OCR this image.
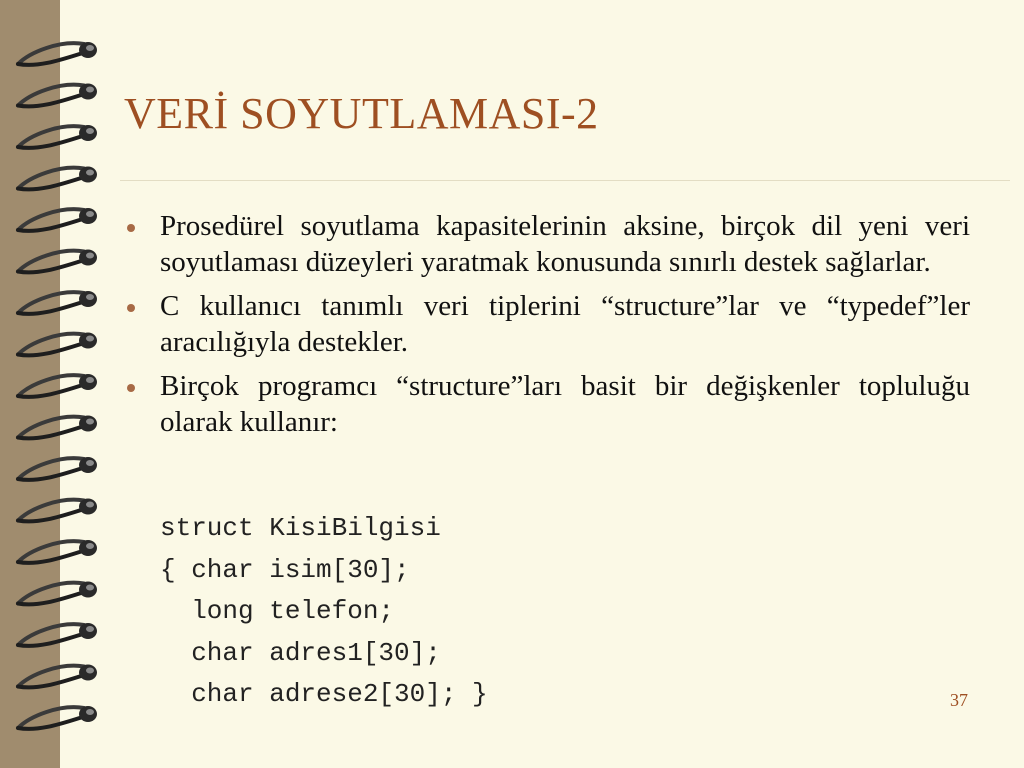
VERİ SOYUTLAMASI-2
Prosedürel soyutlama kapasitelerinin aksine, birçok dil yeni veri soyutlaması düzeyleri yaratmak konusunda sınırlı destek sağlarlar.
C kullanıcı tanımlı veri tiplerini “structure”lar ve “typedef”ler aracılığıyla destekler.
Birçok programcı “structure”ları basit bir değişkenler topluluğu olarak kullanır:
struct KisiBilgisi
{ char isim[30];
long telefon;
char adres1[30];
char adrese2[30]; }	37
